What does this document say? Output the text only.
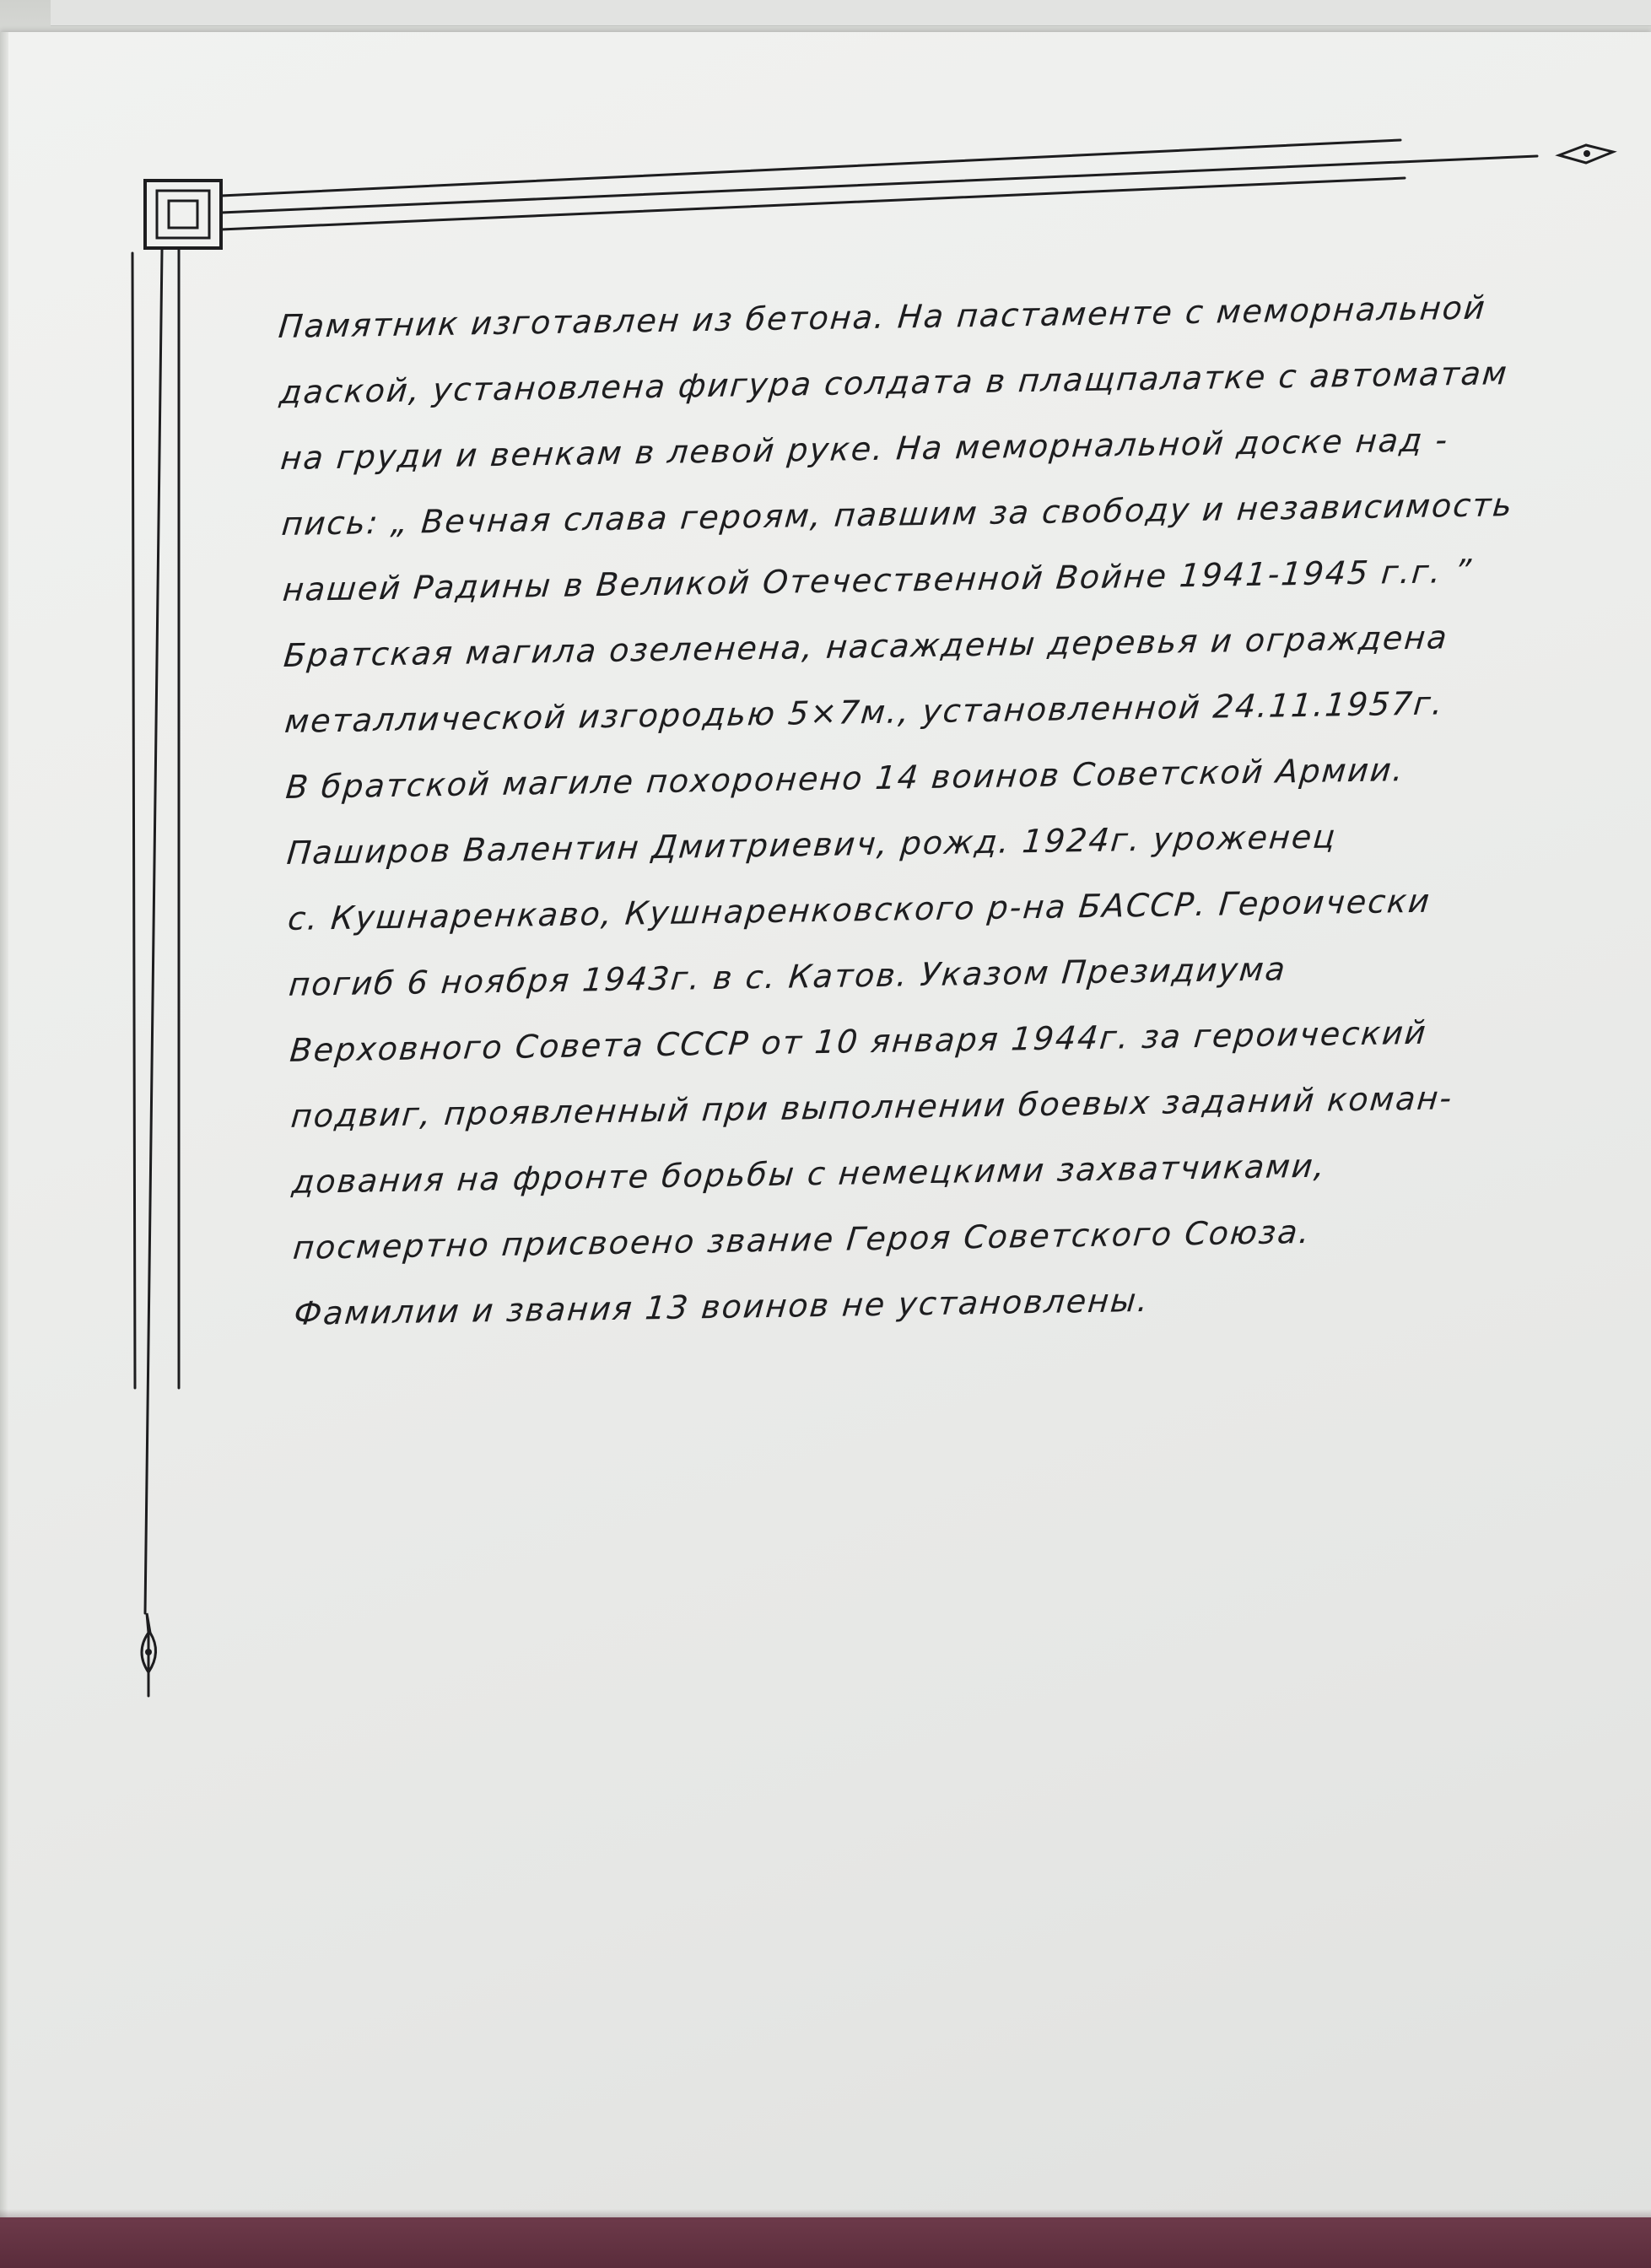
Памятник изготавлен из бетона. На пастаменте с меморнальной
даской, установлена фигура солдата в плащпалатке с автоматам
на груди и венкам в левой руке. На меморнальной доске над -
пись: „ Вечная слава героям, павшим за свободу и независимость
нашей Радины в Великой Отечественной Войне 1941-1945 г.г. ”
Братская магила озеленена, насаждены деревья и ограждена
металлической изгородью 5×7м., установленной 24.11.1957г.
В братской магиле похоронено 14 воинов Советской Армии.
Паширов Валентин Дмитриевич, рожд. 1924г. уроженец
с. Кушнаренкаво, Кушнаренковского р-на БАССР. Героически
погиб 6 ноября 1943г. в с. Катов. Указом Президиума
Верховного Совета СССР от 10 января 1944г. за героический
подвиг, проявленный при выполнении боевых заданий коман-
дования на фронте борьбы с немецкими захватчиками,
посмертно присвоено звание Героя Советского Союза.
Фамилии и звания 13 воинов не установлены.
